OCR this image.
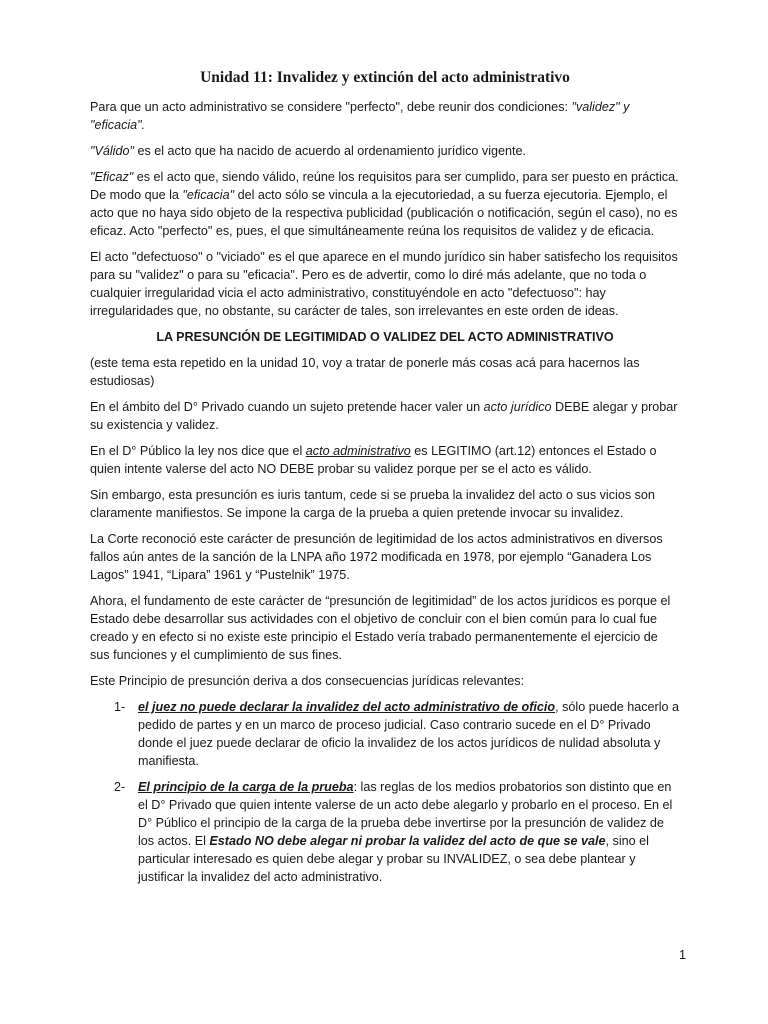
Unidad 11: Invalidez y extinción del acto administrativo

Para que un acto administrativo se considere "perfecto", debe reunir dos condiciones: "validez" y "eficacia".

"Válido" es el acto que ha nacido de acuerdo al ordenamiento jurídico vigente.

"Eficaz" es el acto que, siendo válido, reúne los requisitos para ser cumplido, para ser puesto en práctica. De modo que la "eficacia" del acto sólo se vincula a la ejecutoriedad, a su fuerza ejecutoria. Ejemplo, el acto que no haya sido objeto de la respectiva publicidad (publicación o notificación, según el caso), no es eficaz. Acto "perfecto" es, pues, el que simultáneamente reúna los requisitos de validez y de eficacia.

El acto "defectuoso" o "viciado" es el que aparece en el mundo jurídico sin haber satisfecho los requisitos para su "validez" o para su "eficacia". Pero es de advertir, como lo diré más adelante, que no toda o cualquier irregularidad vicia el acto administrativo, constituyéndole en acto "defectuoso": hay irregularidades que, no obstante, su carácter de tales, son irrelevantes en este orden de ideas.

LA PRESUNCIÓN DE LEGITIMIDAD O VALIDEZ DEL ACTO ADMINISTRATIVO

(este tema esta repetido en la unidad 10, voy a tratar de ponerle más cosas acá para hacernos las estudiosas)

En el ámbito del D° Privado cuando un sujeto pretende hacer valer un acto jurídico DEBE alegar y probar su existencia y validez.

En el D° Público la ley nos dice que el acto administrativo es LEGITIMO (art.12) entonces el Estado o quien intente valerse del acto NO DEBE probar su validez porque per se el acto es válido.

Sin embargo, esta presunción es iuris tantum, cede si se prueba la invalidez del acto o sus vicios son claramente manifiestos. Se impone la carga de la prueba a quien pretende invocar su invalidez.

La Corte reconoció este carácter de presunción de legitimidad de los actos administrativos en diversos fallos aún antes de la sanción de la LNPA año 1972 modificada en 1978, por ejemplo “Ganadera Los Lagos” 1941, “Lipara” 1961 y “Pustelnik” 1975.

Ahora, el fundamento de este carácter de “presunción de legitimidad” de los actos jurídicos es porque el Estado debe desarrollar sus actividades con el objetivo de concluir con el bien común para lo cual fue creado y en efecto si no existe este principio el Estado vería trabado permanentemente el ejercicio de sus funciones y el cumplimiento de sus fines.

Este Principio de presunción deriva a dos consecuencias jurídicas relevantes:

1-	el juez no puede declarar la invalidez del acto administrativo de oficio, sólo puede hacerlo a pedido de partes y en un marco de proceso judicial. Caso contrario sucede en el D° Privado donde el juez puede declarar de oficio la invalidez de los actos jurídicos de nulidad absoluta y manifiesta.
2-	El principio de la carga de la prueba: las reglas de los medios probatorios son distinto que en el D° Privado que quien intente valerse de un acto debe alegarlo y probarlo en el proceso. En el D° Público el principio de la carga de la prueba debe invertirse por la presunción de validez de los actos. El Estado NO debe alegar ni probar la validez del acto de que se vale, sino el particular interesado es quien debe alegar y probar su INVALIDEZ, o sea debe plantear y justificar la invalidez del acto administrativo.
1
